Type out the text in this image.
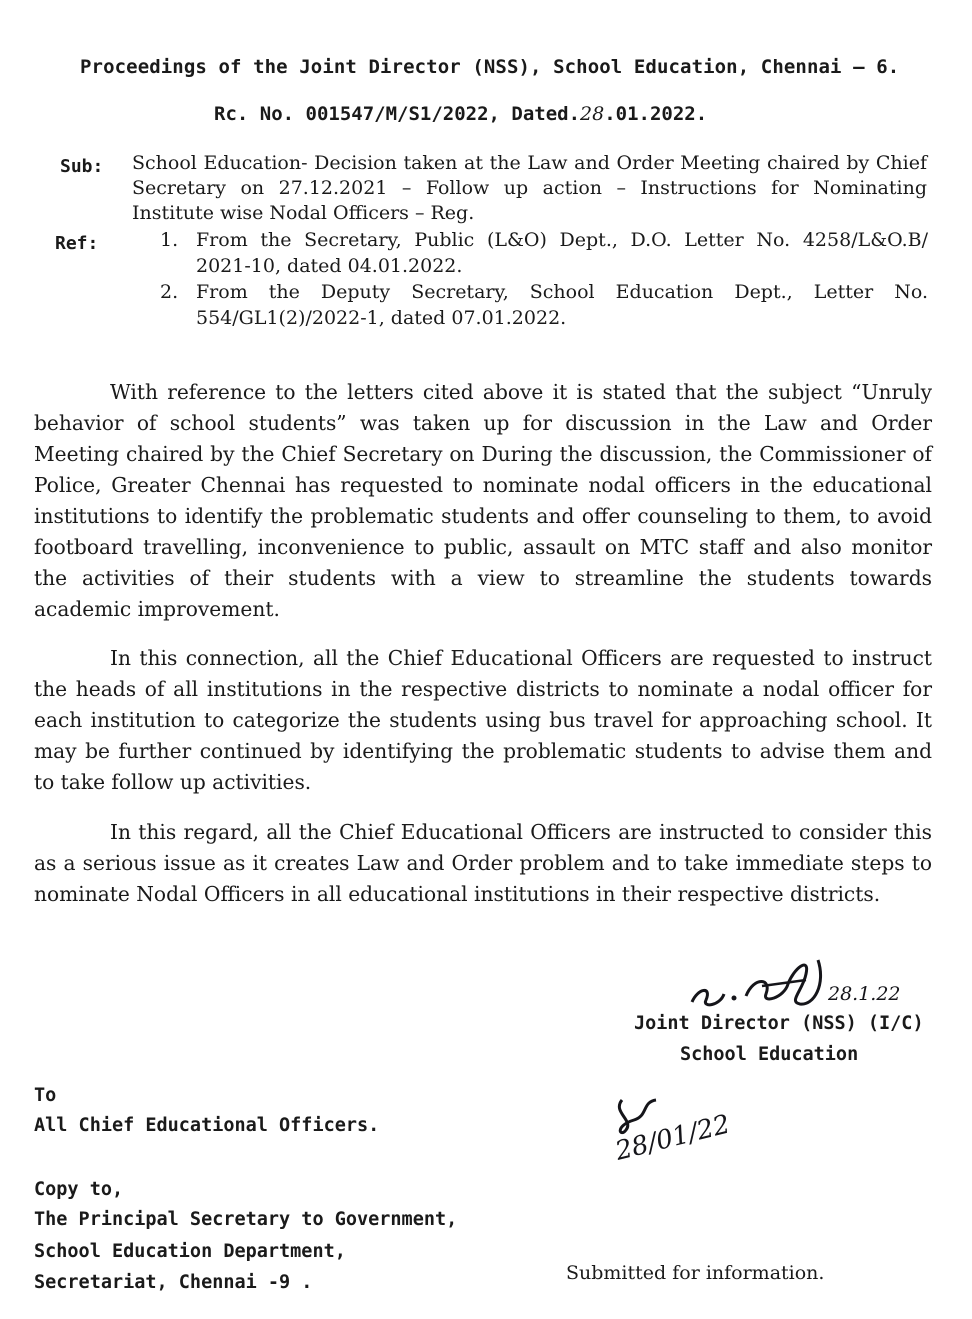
Proceedings of the Joint Director (NSS), School Education, Chennai – 6.
Rc. No. 001547/M/S1/2022, Dated.28.01.2022.
Sub: School Education- Decision taken at the Law and Order Meeting chaired by Chief Secretary on 27.12.2021 – Follow up action – Instructions for Nominating Institute wise Nodal Officers – Reg.
Ref:	1. From the Secretary, Public (L&O) Dept., D.O. Letter No. 4258/L&O.B/ 2021-10, dated 04.01.2022.
2. From the Deputy Secretary, School Education Dept., Letter No. 554/GL1(2)/2022-1, dated 07.01.2022.
With reference to the letters cited above it is stated that the subject “Unruly behavior of school students” was taken up for discussion in the Law and Order Meeting chaired by the Chief Secretary on During the discussion, the Commissioner of Police, Greater Chennai has requested to nominate nodal officers in the educational institutions to identify the problematic students and offer counseling to them, to avoid footboard travelling, inconvenience to public, assault on MTC staff and also monitor the activities of their students with a view to streamline the students towards academic improvement.
In this connection, all the Chief Educational Officers are requested to instruct the heads of all institutions in the respective districts to nominate a nodal officer for each institution to categorize the students using bus travel for approaching school. It may be further continued by identifying the problematic students to advise them and to take follow up activities.
In this regard, all the Chief Educational Officers are instructed to consider this as a serious issue as it creates Law and Order problem and to take immediate steps to nominate Nodal Officers in all educational institutions in their respective districts.
28.1.22
Joint Director (NSS) (I/C)
School Education
28/01/22
To
All Chief Educational Officers.
Copy to,
The Principal Secretary to Government,
School Education Department,
Secretariat, Chennai -9 .	Submitted for information.
